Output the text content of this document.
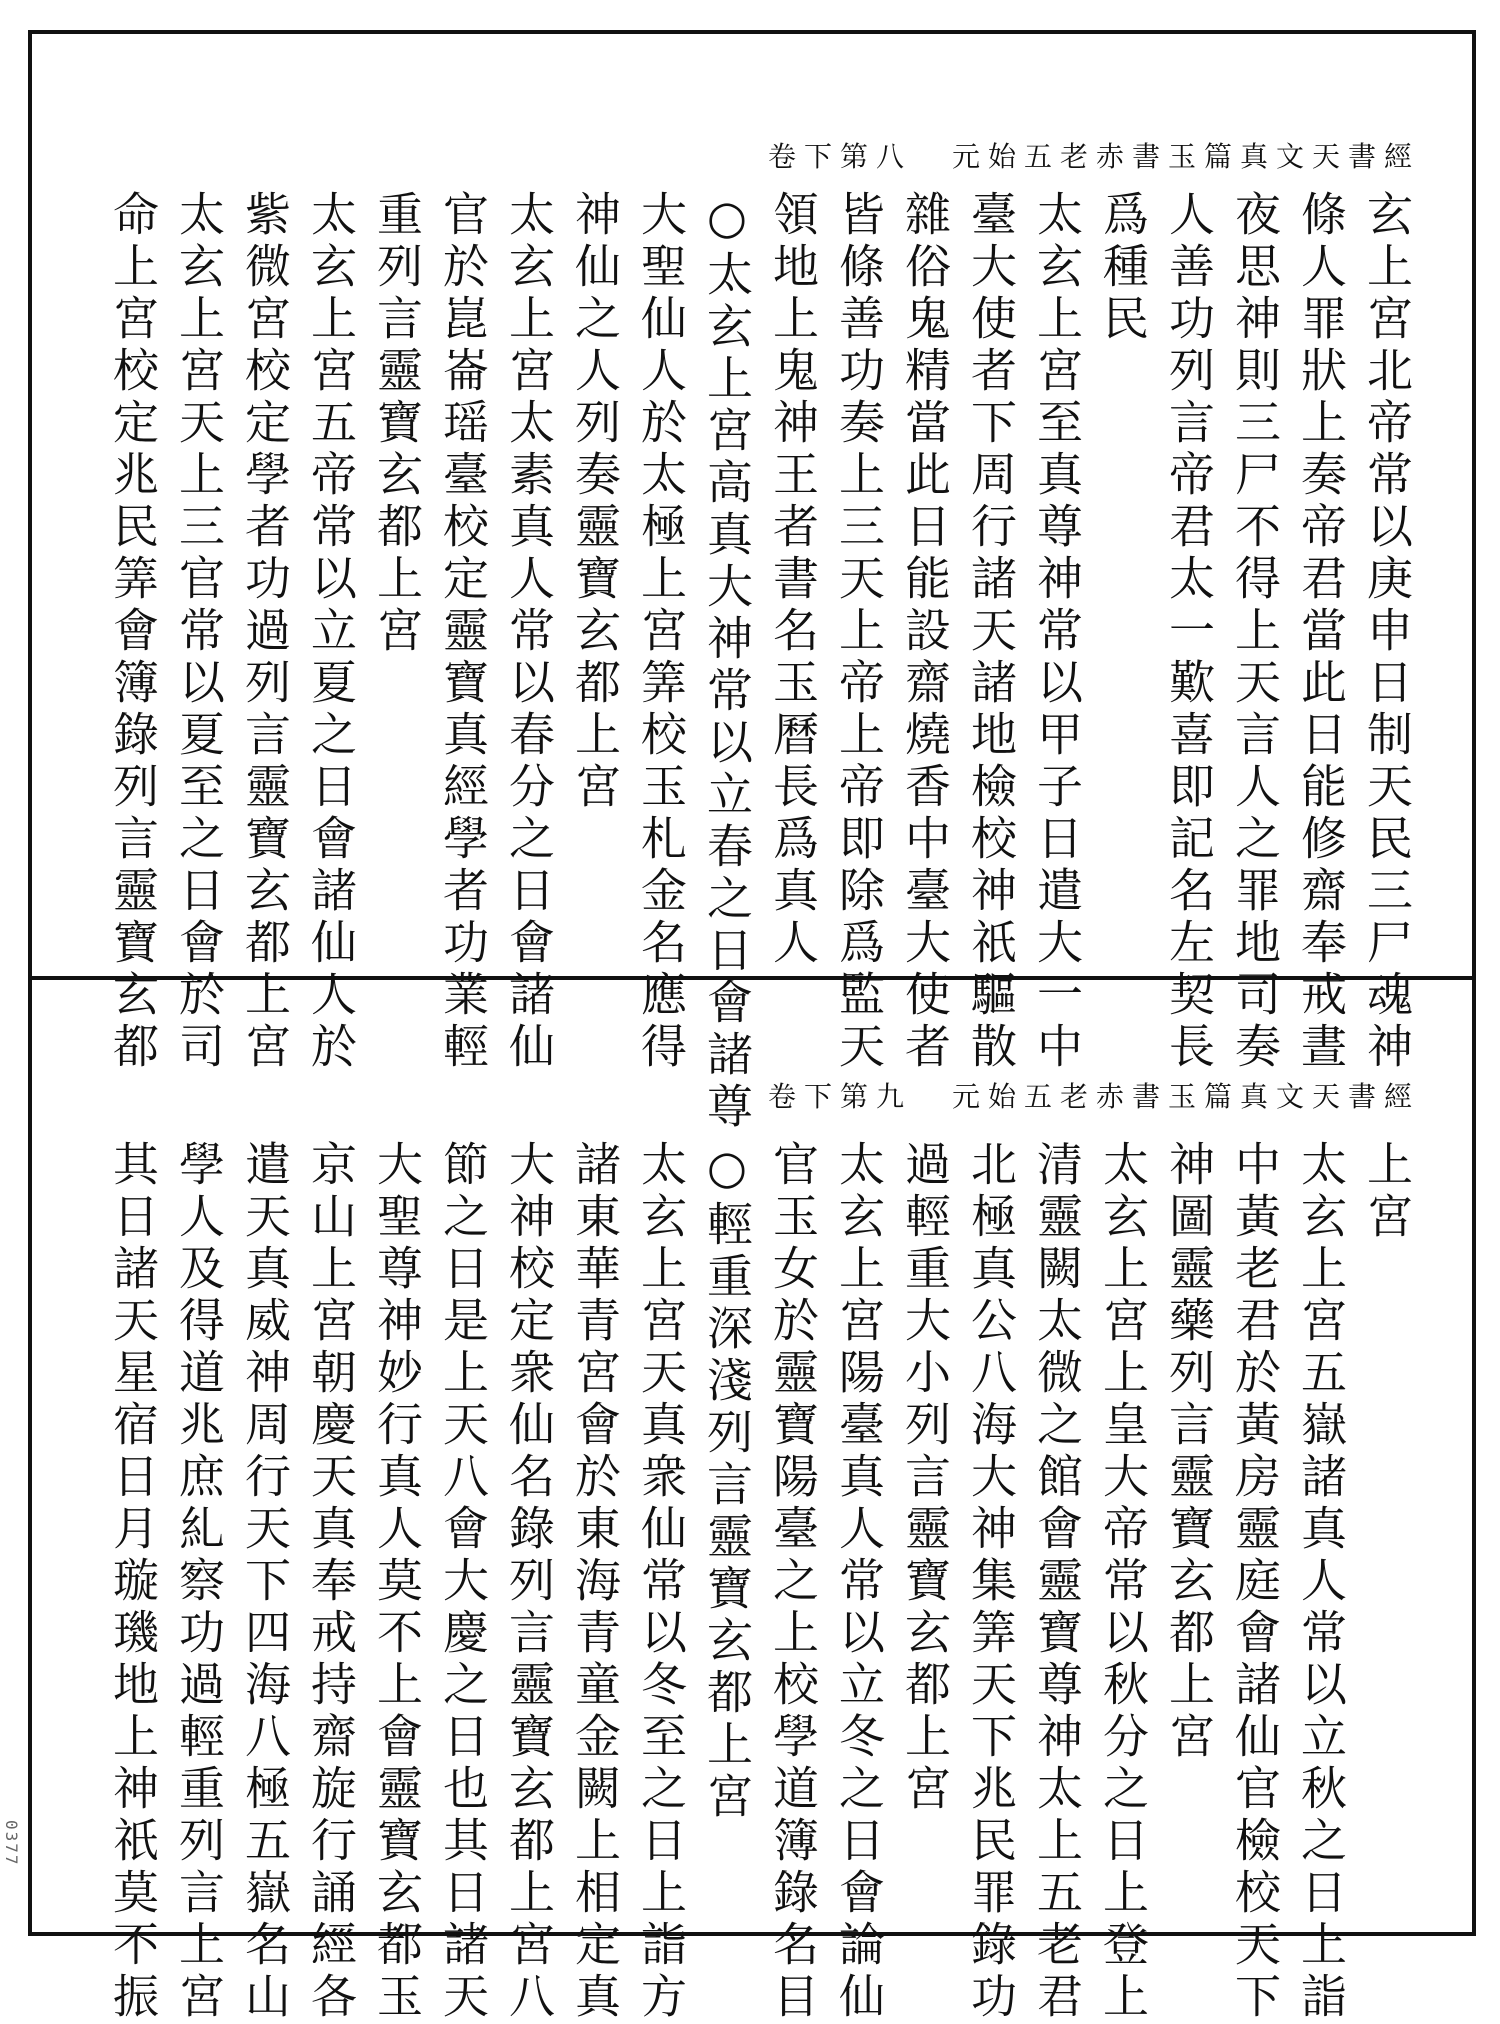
卷下第八 元始五老赤書玉篇真文天書經
玄上宮北帝常以庚申日制天民三尸魂神
條人罪狀上奏帝君當此日能修齋奉戒晝
夜思神則三尸不得上天言人之罪地司奏
人善功列言帝君太一歎喜即記名左契長
爲種民
太玄上宮至真尊神常以甲子日遣大一中
臺大使者下周行諸天諸地檢校神祇驅散
雜俗鬼精當此日能設齋燒香中臺大使者
皆條善功奏上三天上帝上帝即除爲監天
領地上鬼神王者書名玉曆長爲真人
○太玄上宮高真大神常以立春之日會諸尊
大聖仙人於太極上宮筭校玉札金名應得
神仙之人列奏靈寶玄都上宮
太玄上宮太素真人常以春分之日會諸仙
官於崑崙瑶臺校定靈寶真經學者功業輕
重列言靈寶玄都上宮
太玄上宮五帝常以立夏之日會諸仙人於
紫微宮校定學者功過列言靈寶玄都上宮
太玄上宮天上三官常以夏至之日會於司
命上宮校定兆民筭會簿錄列言靈寶玄都
卷下第九 元始五老赤書玉篇真文天書經
上宮
太玄上宮五嶽諸真人常以立秋之日上詣
中黃老君於黃房靈庭會諸仙官檢校天下
神圖靈藥列言靈寶玄都上宮
太玄上宮上皇大帝常以秋分之日上登上
清靈闕太微之館會靈寶尊神太上五老君
北極真公八海大神集筭天下兆民罪錄功
過輕重大小列言靈寶玄都上宮
太玄上宮陽臺真人常以立冬之日會論仙
官玉女於靈寶陽臺之上校學道簿錄名目
○輕重深淺列言靈寶玄都上宮
太玄上宮天真衆仙常以冬至之日上詣方
諸東華青宮會於東海青童金闕上相定真
大神校定衆仙名錄列言靈寶玄都上宮八
節之日是上天八會大慶之日也其日諸天
大聖尊神妙行真人莫不上會靈寶玄都玉
京山上宮朝慶天真奉戒持齋旋行誦經各
遣天真威神周行天下四海八極五嶽名山
學人及得道兆庶糺察功過輕重列言上宮
其日諸天星宿日月璇璣地上神祇莫不振
0377
